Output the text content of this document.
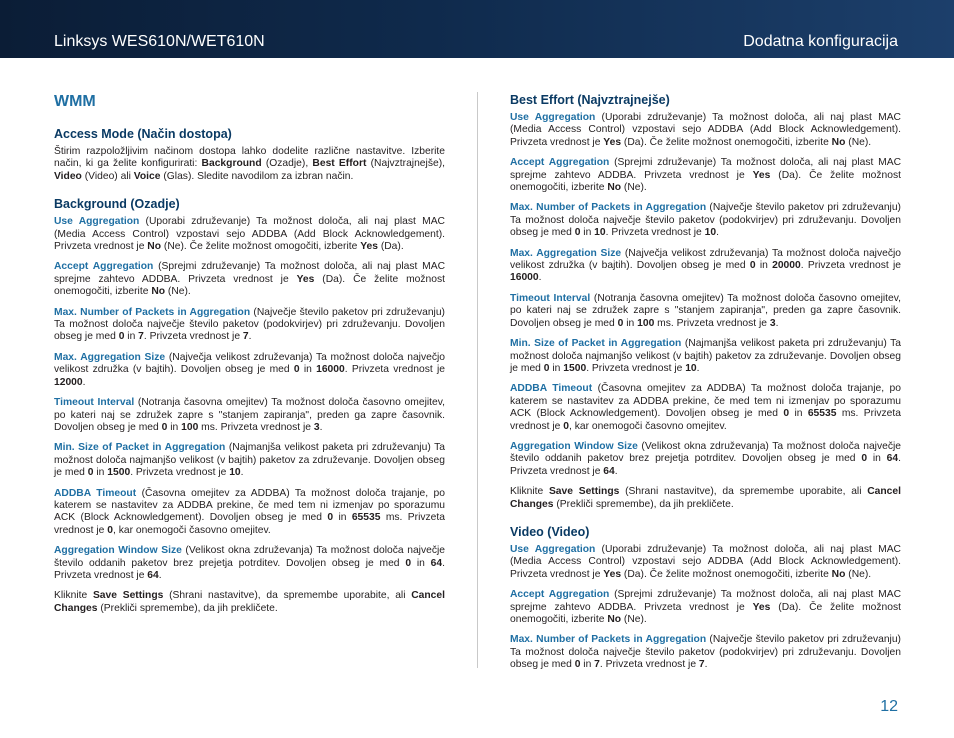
Linksys WES610N/WET610N	Dodatna konfiguracija
WMM
Access Mode (Način dostopa)

Štirim razpoložljivim načinom dostopa lahko dodelite različne nastavitve. Izberite način, ki ga želite konfigurirati: Background (Ozadje), Best Effort (Najvztrajnejše), Video (Video) ali Voice (Glas). Sledite navodilom za izbran način.

Background (Ozadje)

Use Aggregation (Uporabi združevanje) Ta možnost določa, ali naj plast MAC (Media Access Control) vzpostavi sejo ADDBA (Add Block Acknowledgement). Privzeta vrednost je No (Ne). Če želite možnost omogočiti, izberite Yes (Da).

Accept Aggregation (Sprejmi združevanje) Ta možnost določa, ali naj plast MAC sprejme zahtevo ADDBA. Privzeta vrednost je Yes (Da). Če želite možnost onemogočiti, izberite No (Ne).

Max. Number of Packets in Aggregation (Največje število paketov pri združevanju) Ta možnost določa največje število paketov (podokvirjev) pri združevanju. Dovoljen obseg je med 0 in 7. Privzeta vrednost je 7.

Max. Aggregation Size (Največja velikost združevanja) Ta možnost določa največjo velikost združka (v bajtih). Dovoljen obseg je med 0 in 16000. Privzeta vrednost je 12000.

Timeout Interval (Notranja časovna omejitev) Ta možnost določa časovno omejitev, po kateri naj se združek zapre s "stanjem zapiranja", preden ga zapre časovnik. Dovoljen obseg je med 0 in 100 ms. Privzeta vrednost je 3.

Min. Size of Packet in Aggregation (Najmanjša velikost paketa pri združevanju) Ta možnost določa najmanjšo velikost (v bajtih) paketov za združevanje. Dovoljen obseg je med 0 in 1500. Privzeta vrednost je 10.

ADDBA Timeout (Časovna omejitev za ADDBA) Ta možnost določa trajanje, po katerem se nastavitev za ADDBA prekine, če med tem ni izmenjav po sporazumu ACK (Block Acknowledgement). Dovoljen obseg je med 0 in 65535 ms. Privzeta vrednost je 0, kar onemogoči časovno omejitev.

Aggregation Window Size (Velikost okna združevanja) Ta možnost določa največje število oddanih paketov brez prejetja potrditev. Dovoljen obseg je med 0 in 64. Privzeta vrednost je 64.

Kliknite Save Settings (Shrani nastavitve), da spremembe uporabite, ali Cancel Changes (Prekliči spremembe), da jih prekličete.

Best Effort (Najvztrajnejše)

Use Aggregation (Uporabi združevanje) Ta možnost določa, ali naj plast MAC (Media Access Control) vzpostavi sejo ADDBA (Add Block Acknowledgement). Privzeta vrednost je Yes (Da). Če želite možnost onemogočiti, izberite No (Ne).

Accept Aggregation (Sprejmi združevanje) Ta možnost določa, ali naj plast MAC sprejme zahtevo ADDBA. Privzeta vrednost je Yes (Da). Če želite možnost onemogočiti, izberite No (Ne).

Max. Number of Packets in Aggregation (Največje število paketov pri združevanju) Ta možnost določa največje število paketov (podokvirjev) pri združevanju. Dovoljen obseg je med 0 in 10. Privzeta vrednost je 10.

Max. Aggregation Size (Največja velikost združevanja) Ta možnost določa največjo velikost združka (v bajtih). Dovoljen obseg je med 0 in 20000. Privzeta vrednost je 16000.

Timeout Interval (Notranja časovna omejitev) Ta možnost določa časovno omejitev, po kateri naj se združek zapre s "stanjem zapiranja", preden ga zapre časovnik. Dovoljen obseg je med 0 in 100 ms. Privzeta vrednost je 3.

Min. Size of Packet in Aggregation (Najmanjša velikost paketa pri združevanju) Ta možnost določa najmanjšo velikost (v bajtih) paketov za združevanje. Dovoljen obseg je med 0 in 1500. Privzeta vrednost je 10.

ADDBA Timeout (Časovna omejitev za ADDBA) Ta možnost določa trajanje, po katerem se nastavitev za ADDBA prekine, če med tem ni izmenjav po sporazumu ACK (Block Acknowledgement). Dovoljen obseg je med 0 in 65535 ms. Privzeta vrednost je 0, kar onemogoči časovno omejitev.

Aggregation Window Size (Velikost okna združevanja) Ta možnost določa največje število oddanih paketov brez prejetja potrditev. Dovoljen obseg je med 0 in 64. Privzeta vrednost je 64.

Kliknite Save Settings (Shrani nastavitve), da spremembe uporabite, ali Cancel Changes (Prekliči spremembe), da jih prekličete.

Video (Video)

Use Aggregation (Uporabi združevanje) Ta možnost določa, ali naj plast MAC (Media Access Control) vzpostavi sejo ADDBA (Add Block Acknowledgement). Privzeta vrednost je Yes (Da). Če želite možnost onemogočiti, izberite No (Ne).

Accept Aggregation (Sprejmi združevanje) Ta možnost določa, ali naj plast MAC sprejme zahtevo ADDBA. Privzeta vrednost je Yes (Da). Če želite možnost onemogočiti, izberite No (Ne).

Max. Number of Packets in Aggregation (Največje število paketov pri združevanju) Ta možnost določa največje število paketov (podokvirjev) pri združevanju. Dovoljen obseg je med 0 in 7. Privzeta vrednost je 7.

12
